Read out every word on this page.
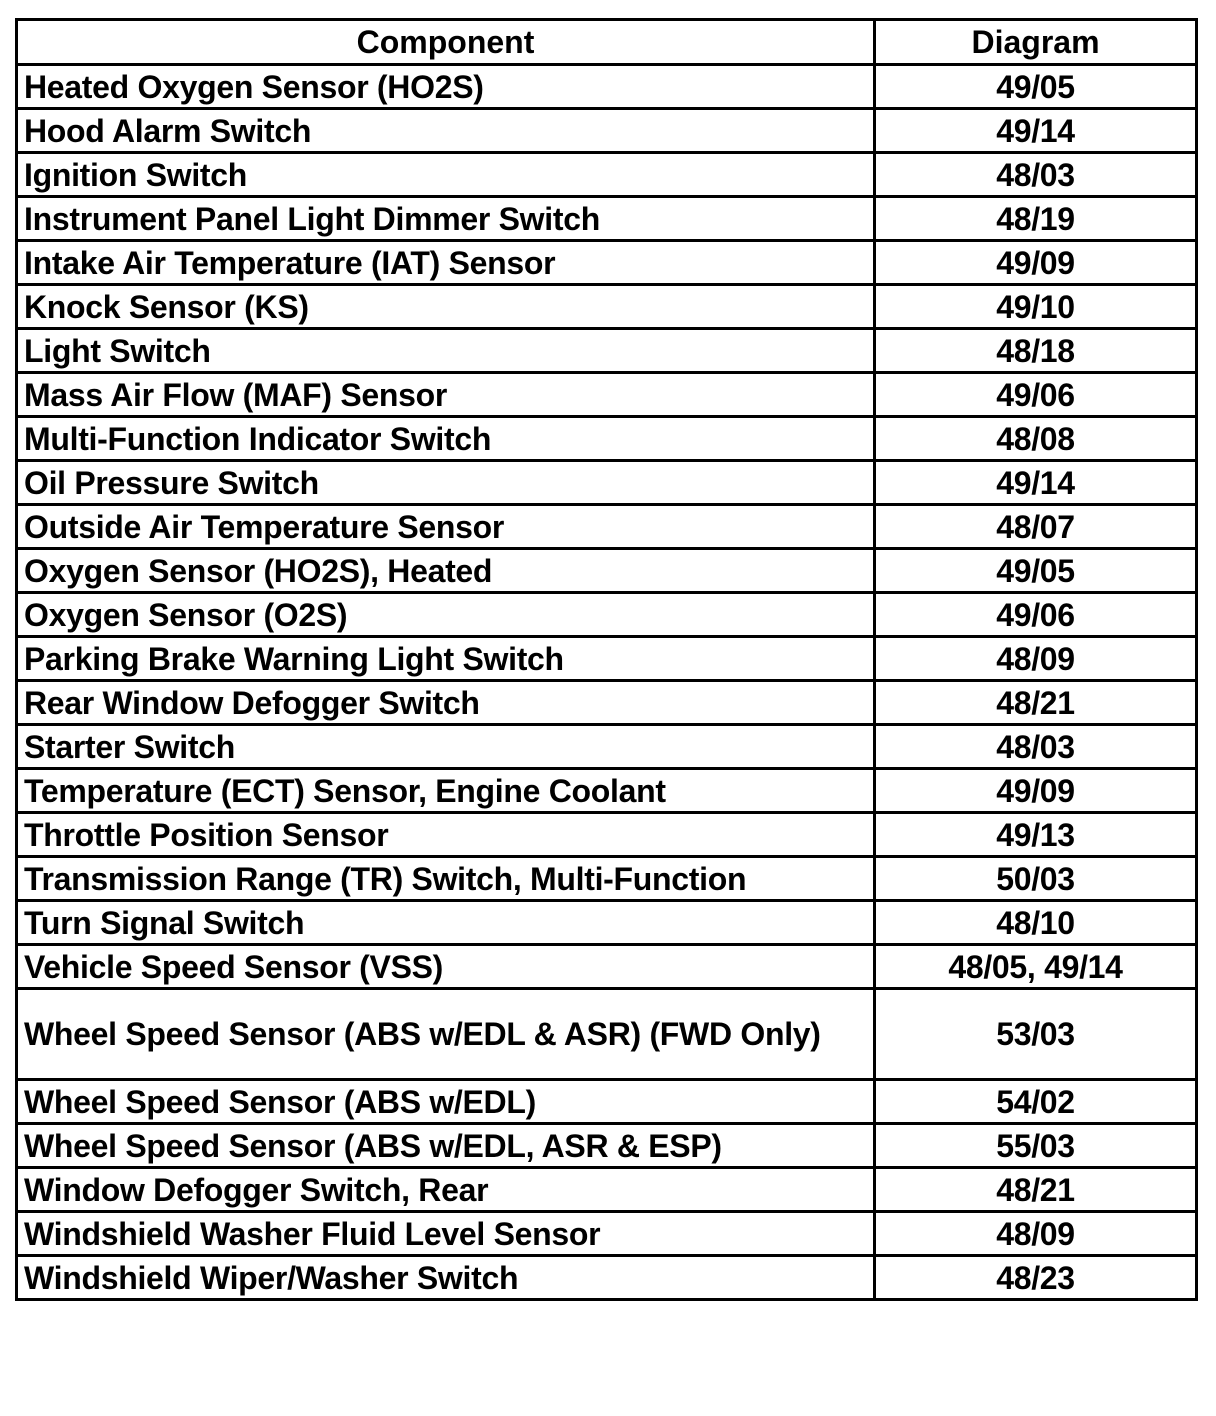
Component	Diagram
Heated Oxygen Sensor (HO2S)	49/05
Hood Alarm Switch	49/14
Ignition Switch	48/03
Instrument Panel Light Dimmer Switch	48/19
Intake Air Temperature (IAT) Sensor	49/09
Knock Sensor (KS)	49/10
Light Switch	48/18
Mass Air Flow (MAF) Sensor	49/06
Multi-Function Indicator Switch	48/08
Oil Pressure Switch	49/14
Outside Air Temperature Sensor	48/07
Oxygen Sensor (HO2S), Heated	49/05
Oxygen Sensor (O2S)	49/06
Parking Brake Warning Light Switch	48/09
Rear Window Defogger Switch	48/21
Starter Switch	48/03
Temperature (ECT) Sensor, Engine Coolant	49/09
Throttle Position Sensor	49/13
Transmission Range (TR) Switch, Multi-Function	50/03
Turn Signal Switch	48/10
Vehicle Speed Sensor (VSS)	48/05, 49/14
Wheel Speed Sensor (ABS w/EDL & ASR) (FWD Only)	53/03
Wheel Speed Sensor (ABS w/EDL)	54/02
Wheel Speed Sensor (ABS w/EDL, ASR & ESP)	55/03
Window Defogger Switch, Rear	48/21
Windshield Washer Fluid Level Sensor	48/09
Windshield Wiper/Washer Switch	48/23
